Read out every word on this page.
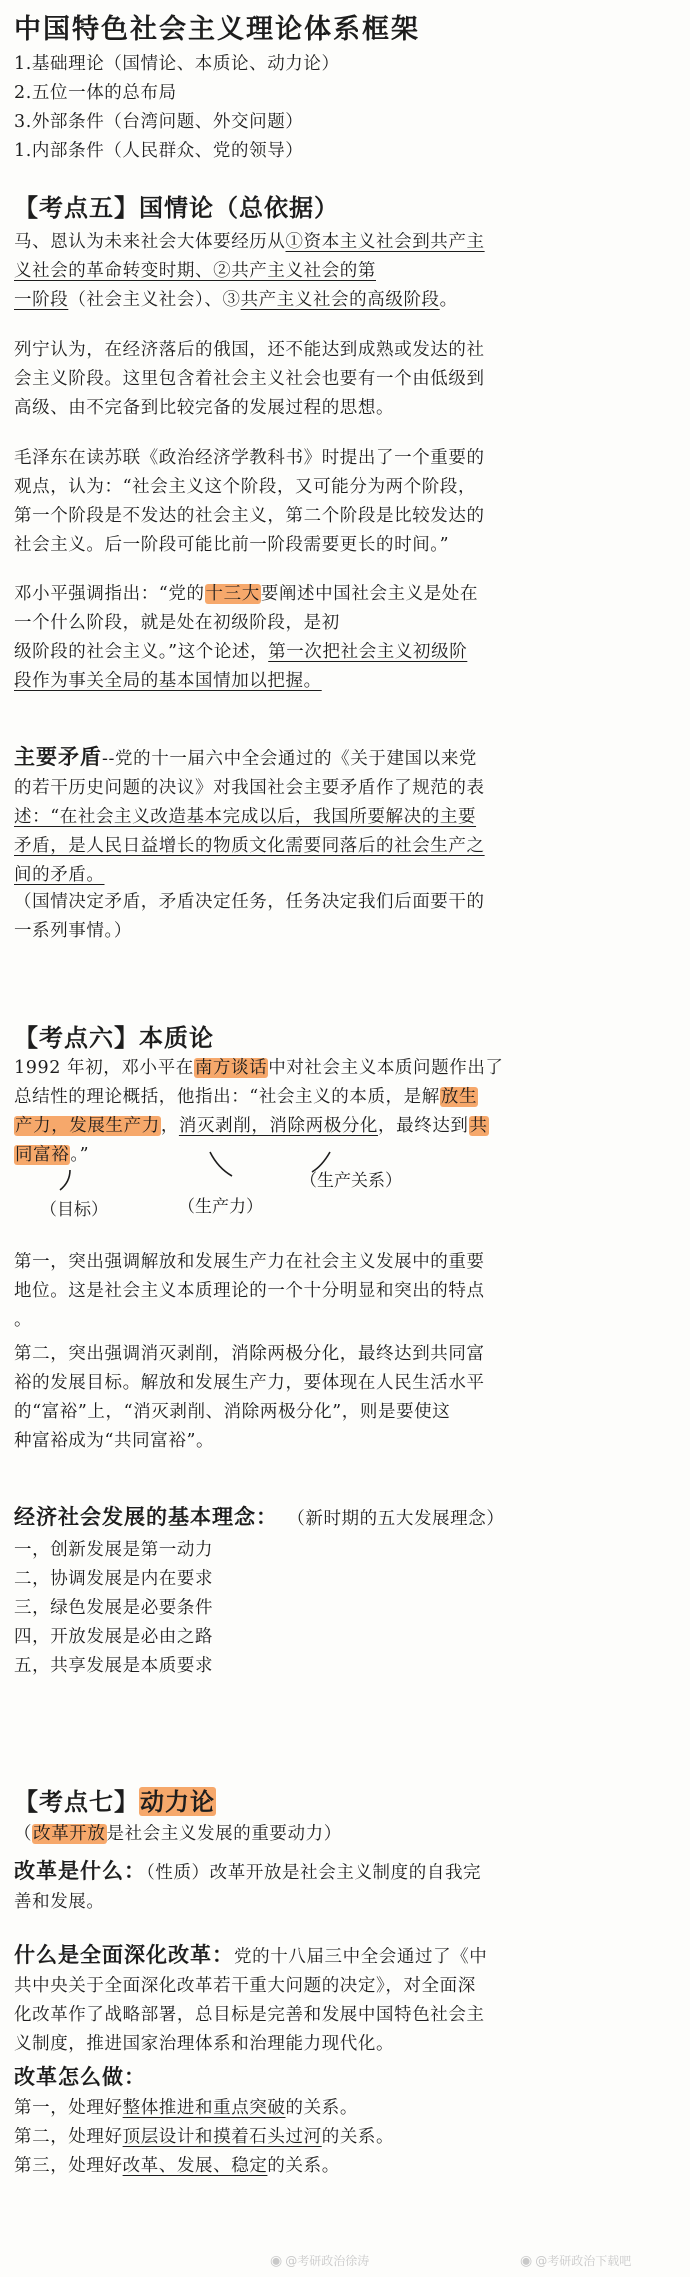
中国特色社会主义理论体系框架
1.基础理论（国情论、本质论、动力论）
2.五位一体的总布局
3.外部条件（台湾问题、外交问题）
1.内部条件（人民群众、党的领导）
【考点五】国情论（总依据）
马、恩认为未来社会大体要经历从①资本主义社会到共产主
义社会的革命转变时期、②共产主义社会的第
一阶段（社会主义社会）、③共产主义社会的高级阶段。
列宁认为，在经济落后的俄国，还不能达到成熟或发达的社
会主义阶段。这里包含着社会主义社会也要有一个由低级到
高级、由不完备到比较完备的发展过程的思想。
毛泽东在读苏联《政治经济学教科书》时提出了一个重要的
观点，认为：“社会主义这个阶段，又可能分为两个阶段，
第一个阶段是不发达的社会主义，第二个阶段是比较发达的
社会主义。后一阶段可能比前一阶段需要更长的时间。”
邓小平强调指出：“党的十三大要阐述中国社会主义是处在
一个什么阶段，就是处在初级阶段，是初
级阶段的社会主义。”这个论述，第一次把社会主义初级阶
段作为事关全局的基本国情加以把握。
主要矛盾--党的十一届六中全会通过的《关于建国以来党
的若干历史问题的决议》对我国社会主要矛盾作了规范的表
述：“在社会主义改造基本完成以后，我国所要解决的主要
矛盾，是人民日益增长的物质文化需要同落后的社会生产之
间的矛盾。
（国情决定矛盾，矛盾决定任务，任务决定我们后面要干的
一系列事情。）
【考点六】本质论
1992 年初，邓小平在南方谈话中对社会主义本质问题作出了
总结性的理论概括，他指出：“社会主义的本质，是解放生
产力，发展生产力，消灭剥削，消除两极分化，最终达到共
同富裕。”
（目标）	（生产力）
（生产关系）
第一，突出强调解放和发展生产力在社会主义发展中的重要
地位。这是社会主义本质理论的一个十分明显和突出的特点
。
第二，突出强调消灭剥削，消除两极分化，最终达到共同富
裕的发展目标。解放和发展生产力，要体现在人民生活水平
的“富裕”上，“消灭剥削、消除两极分化”，则是要使这
种富裕成为“共同富裕”。
经济社会发展的基本理念： （新时期的五大发展理念）
一，创新发展是第一动力
二，协调发展是内在要求
三，绿色发展是必要条件
四，开放发展是必由之路
五，共享发展是本质要求
【考点七】动力论
（改革开放是社会主义发展的重要动力）
改革是什么：（性质）改革开放是社会主义制度的自我完
善和发展。
什么是全面深化改革：党的十八届三中全会通过了《中
共中央关于全面深化改革若干重大问题的决定》，对全面深
化改革作了战略部署，总目标是完善和发展中国特色社会主
义制度，推进国家治理体系和治理能力现代化。
改革怎么做：
第一，处理好整体推进和重点突破的关系。
第二，处理好顶层设计和摸着石头过河的关系。
第三，处理好改革、发展、稳定的关系。
◉ @考研政治徐涛	◉ @考研政治下载吧
